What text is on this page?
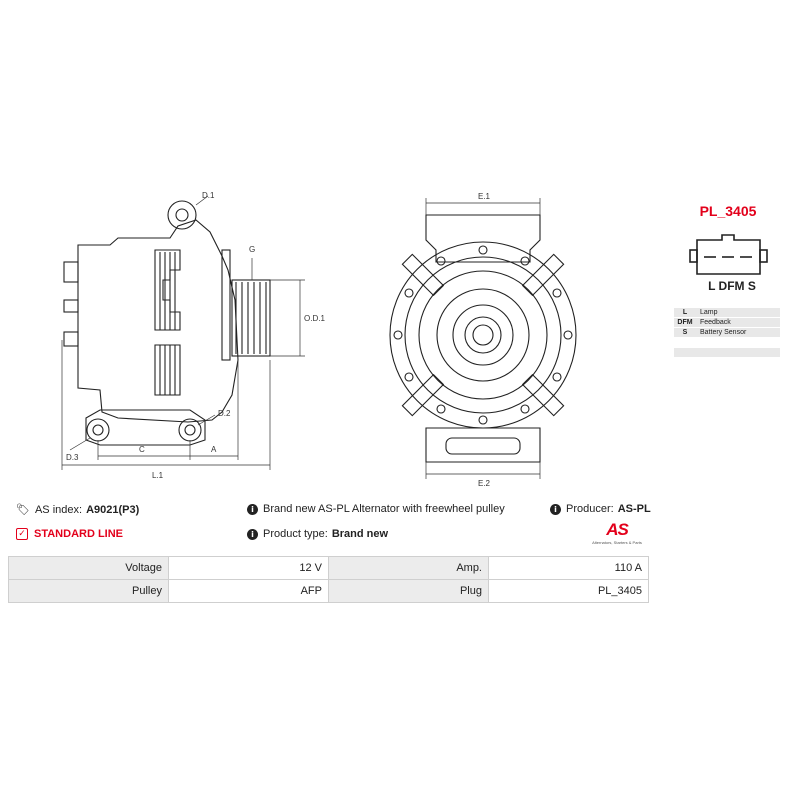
D.1
G
O.D.1
D.2
D.3
C	A
L.1
E.1
E.2
PL_3405
L DFM S
L	Lamp
DFM	Feedback
S	Battery Sensor
🏷 AS index: A9021(P3)	i Brand new AS-PL Alternator with freewheel pulley	i Producer: AS-PL
✓ STANDARD LINE	i Product type: Brand new	AS
Alternators, Starters & Parts
Voltage	12 V	Amp.	110 A
Pulley	AFP	Plug	PL_3405
